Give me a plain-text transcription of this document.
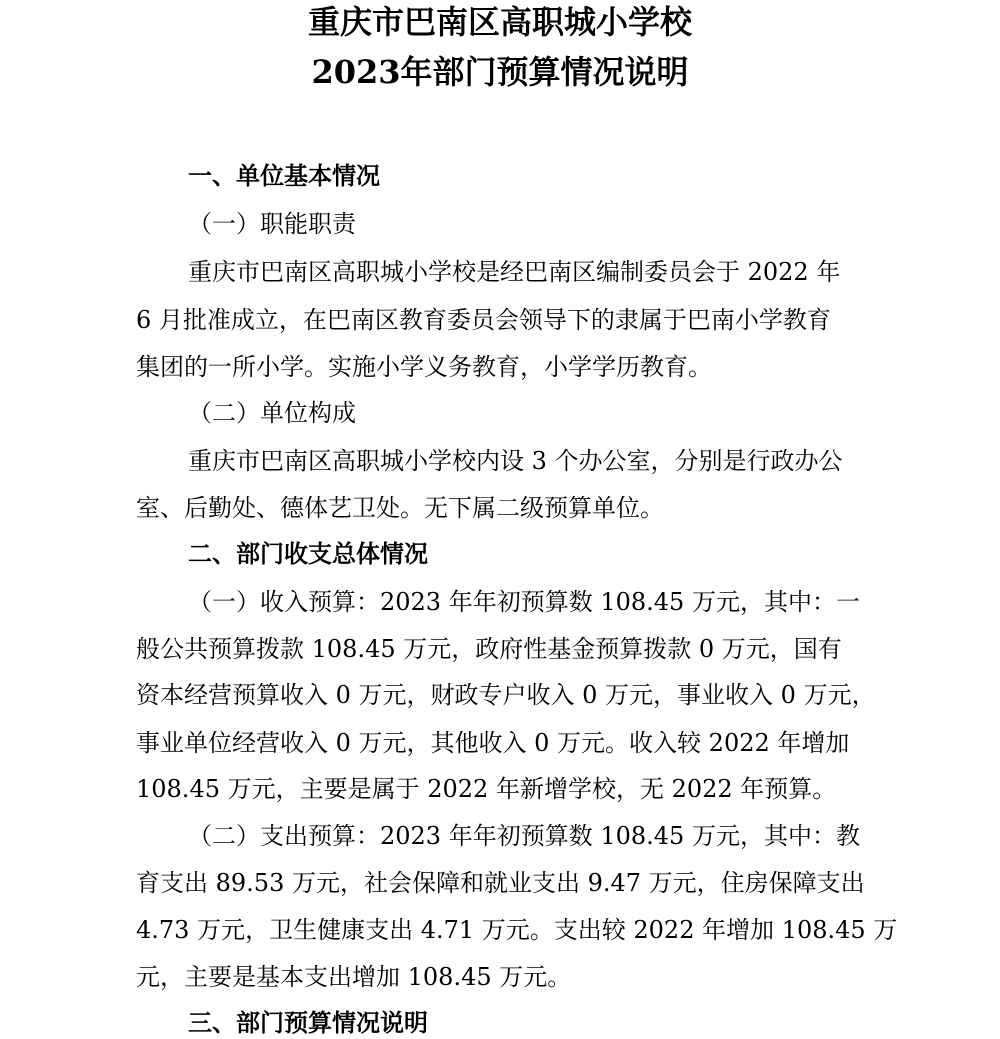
重庆市巴南区高职城小学校
2023年部门预算情况说明

一、单位基本情况

（一）职能职责

重庆市巴南区高职城小学校是经巴南区编制委员会于 2022 年

6 月批准成立，在巴南区教育委员会领导下的隶属于巴南小学教育

集团的一所小学。实施小学义务教育，小学学历教育。

（二）单位构成

重庆市巴南区高职城小学校内设 3 个办公室，分别是行政办公

室、后勤处、德体艺卫处。无下属二级预算单位。

二、部门收支总体情况

（一）收入预算：2023 年年初预算数 108.45 万元，其中：一

般公共预算拨款 108.45 万元，政府性基金预算拨款 0 万元，国有

资本经营预算收入 0 万元，财政专户收入 0 万元，事业收入 0 万元，

事业单位经营收入 0 万元，其他收入 0 万元。收入较 2022 年增加

108.45 万元，主要是属于 2022 年新增学校，无 2022 年预算。

（二）支出预算：2023 年年初预算数 108.45 万元，其中：教

育支出 89.53 万元，社会保障和就业支出 9.47 万元，住房保障支出

4.73 万元，卫生健康支出 4.71 万元。支出较 2022 年增加 108.45 万

元，主要是基本支出增加 108.45 万元。

三、部门预算情况说明
